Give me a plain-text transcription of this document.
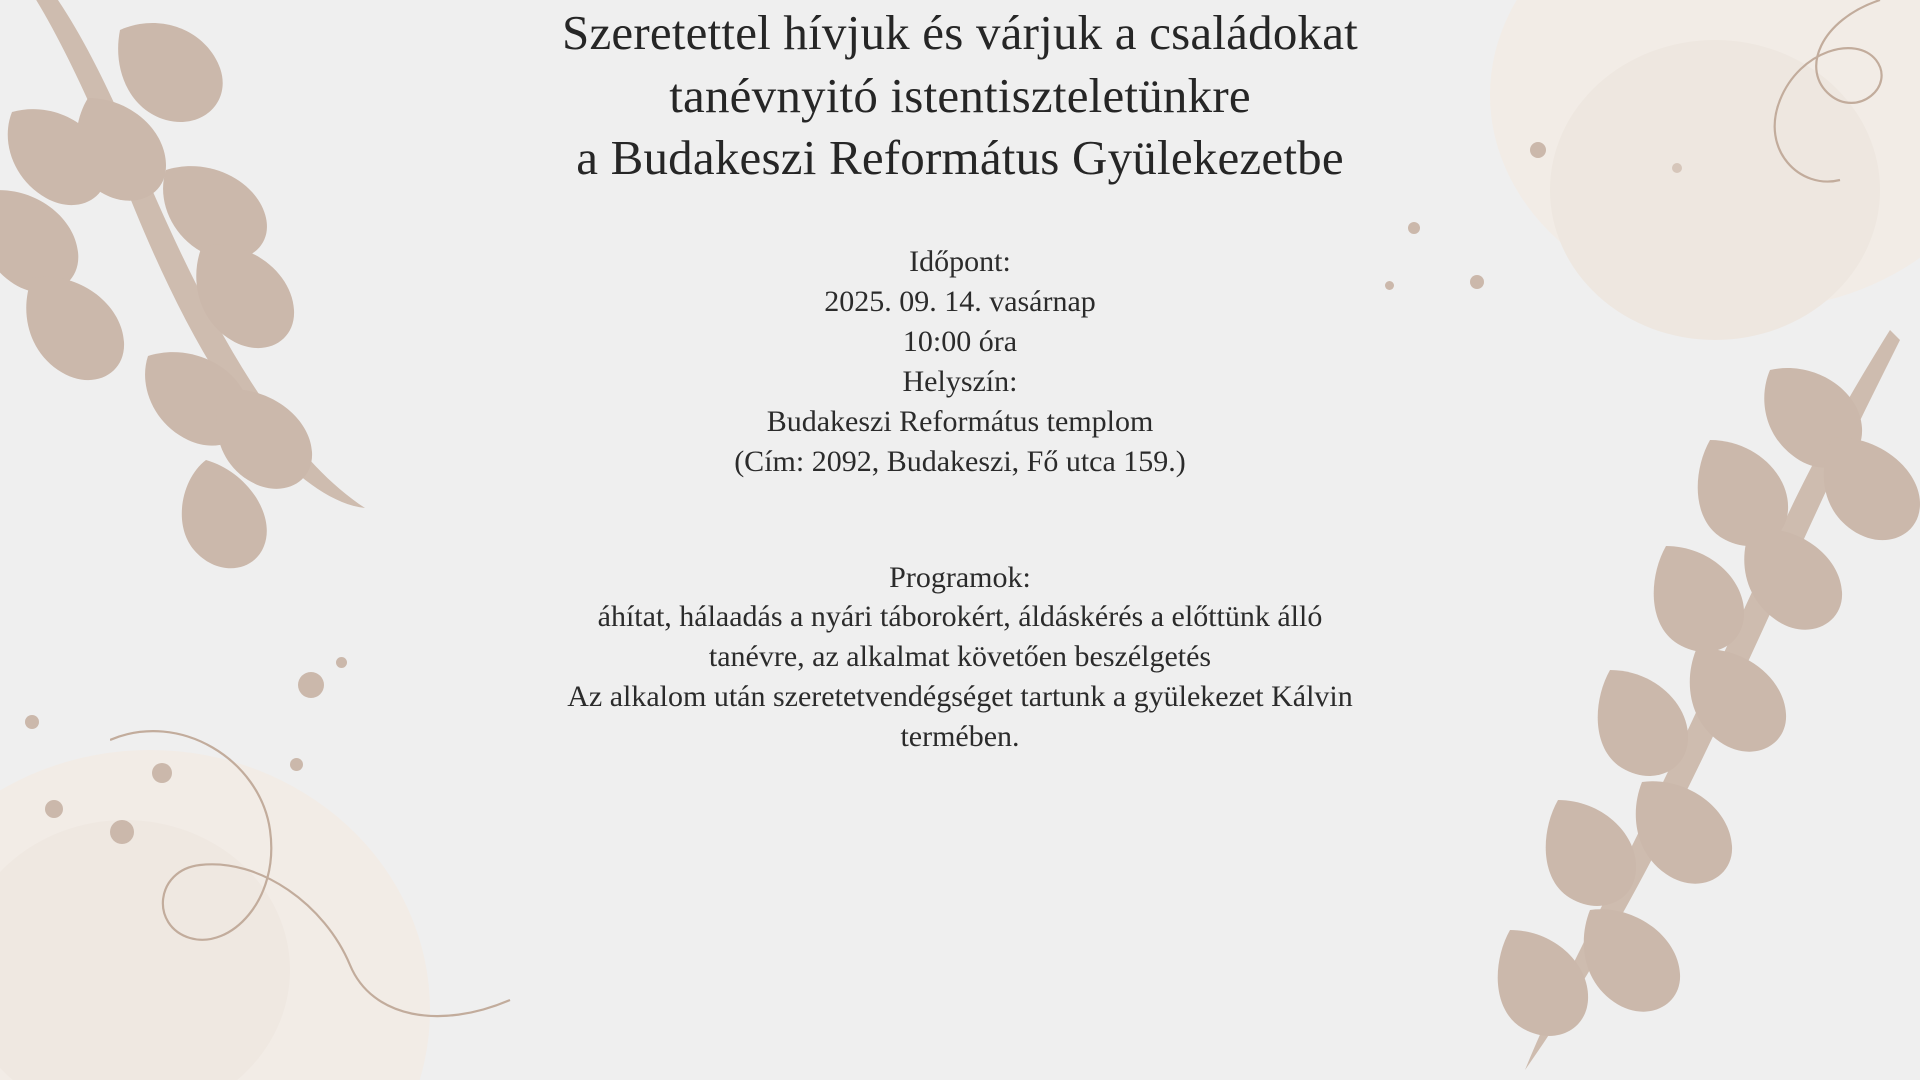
Szeretettel hívjuk és várjuk a családokat
tanévnyitó istentiszteletünkre
a Budakeszi Református Gyülekezetbe
Időpont:
2025. 09. 14. vasárnap
10:00 óra
Helyszín:
Budakeszi Református templom
(Cím: 2092, Budakeszi, Fő utca 159.)
Programok:
áhítat, hálaadás a nyári táborokért, áldáskérés a előttünk álló
tanévre, az alkalmat követően beszélgetés
Az alkalom után szeretetvendégséget tartunk a gyülekezet Kálvin
termében.
